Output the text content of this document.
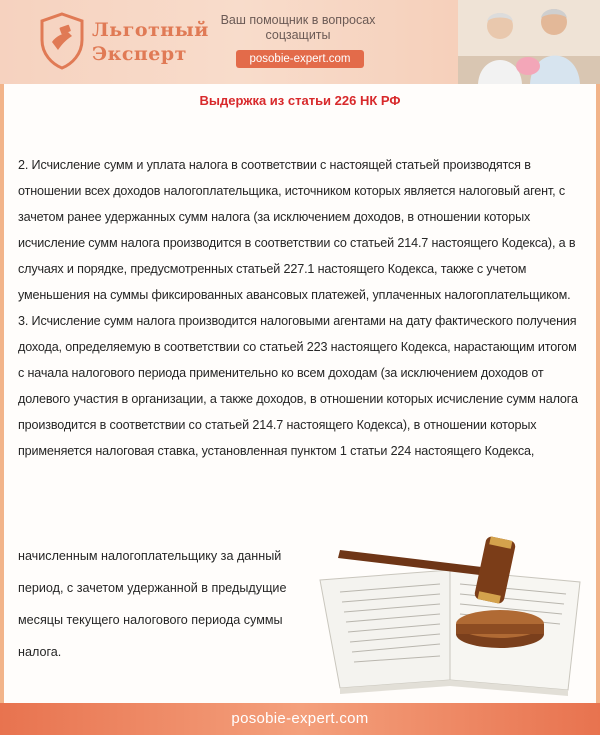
Льготный
Эксперт
Ваш помощник в вопросах соцзащиты
posobie-expert.com
Выдержка из статьи 226 НК РФ

2. Исчисление сумм и уплата налога в соответствии с настоящей статьей производятся в отношении всех доходов налогоплательщика, источником которых является налоговый агент, с зачетом ранее удержанных сумм налога (за исключением доходов, в отношении которых исчисление сумм налога производится в соответствии со статьей 214.7 настоящего Кодекса), а в случаях и порядке, предусмотренных статьей 227.1 настоящего Кодекса, также с учетом уменьшения на суммы фиксированных авансовых платежей, уплаченных налогоплательщиком.

3. Исчисление сумм налога производится налоговыми агентами на дату фактического получения дохода, определяемую в соответствии со статьей 223 настоящего Кодекса, нарастающим итогом с начала налогового периода применительно ко всем доходам (за исключением доходов от долевого участия в организации, а также доходов, в отношении которых исчисление сумм налога производится в соответствии со статьей 214.7 настоящего Кодекса), в отношении которых применяется налоговая ставка, установленная пунктом 1 статьи 224 настоящего Кодекса,

начисленным налогоплательщику за данный
период, с зачетом удержанной в предыдущие
месяцы текущего налогового периода суммы
налога.
posobie-expert.com
